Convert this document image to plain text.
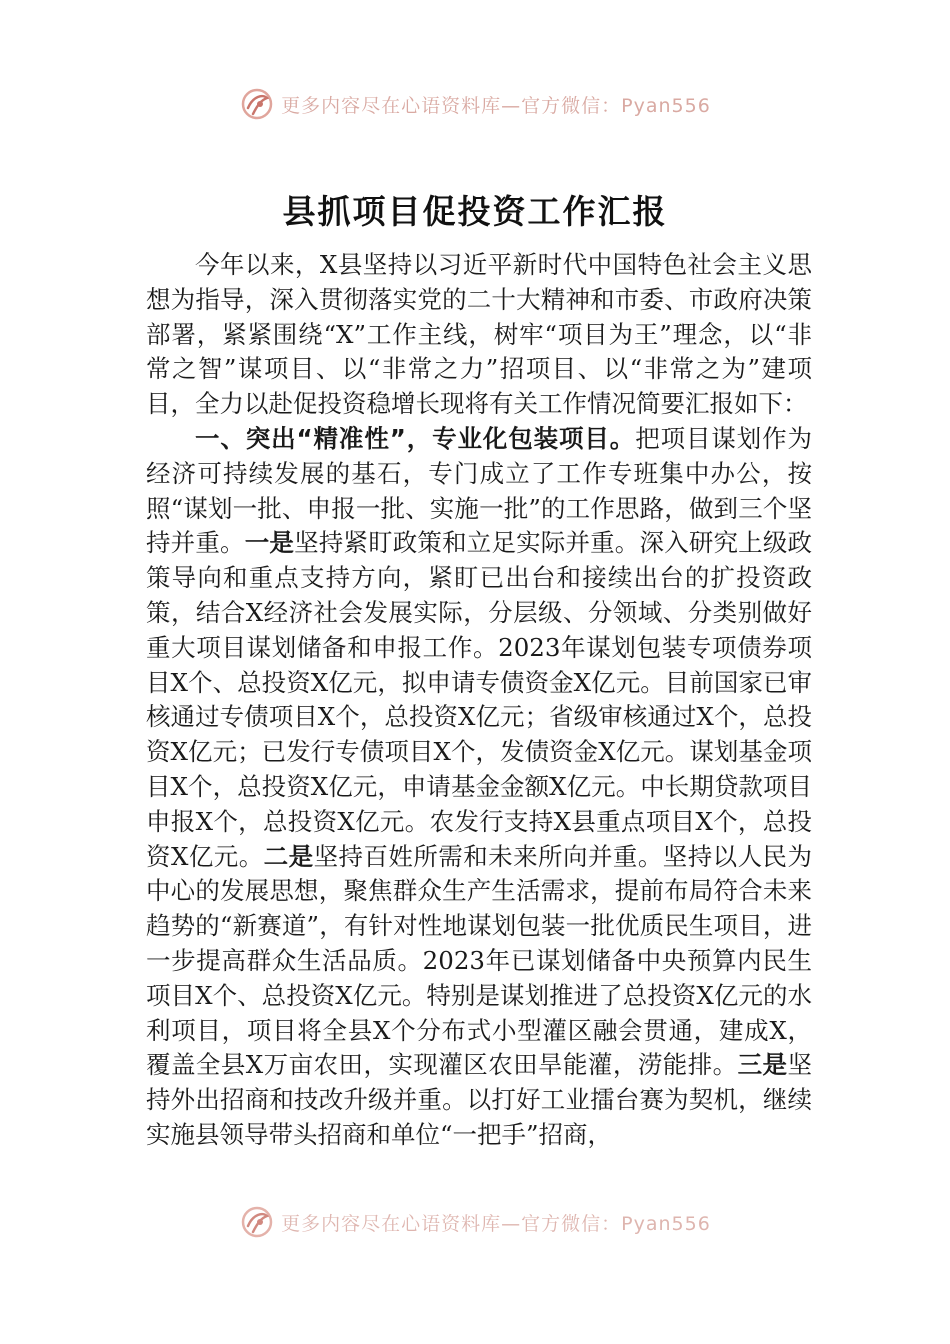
更多内容尽在心语资料库—官方微信：Pyan556
县抓项目促投资工作汇报

今年以来，X县坚持以习近平新时代中国特色社会主义思想为指导，深入贯彻落实党的二十大精神和市委、市政府决策部署，紧紧围绕“X”工作主线，树牢“项目为王”理念，以“非常之智”谋项目、以“非常之力”招项目、以“非常之为”建项目，全力以赴促投资稳增长现将有关工作情况简要汇报如下：

一、突出“精准性”，专业化包装项目。把项目谋划作为经济可持续发展的基石，专门成立了工作专班集中办公，按照“谋划一批、申报一批、实施一批”的工作思路，做到三个坚持并重。一是坚持紧盯政策和立足实际并重。深入研究上级政策导向和重点支持方向，紧盯已出台和接续出台的扩投资政策，结合X经济社会发展实际，分层级、分领域、分类别做好重大项目谋划储备和申报工作。2023年谋划包装专项债券项目X个、总投资X亿元，拟申请专债资金X亿元。目前国家已审核通过专债项目X个，总投资X亿元；省级审核通过X个，总投资X亿元；已发行专债项目X个，发债资金X亿元。谋划基金项目X个，总投资X亿元，申请基金金额X亿元。中长期贷款项目申报X个，总投资X亿元。农发行支持X县重点项目X个，总投资X亿元。二是坚持百姓所需和未来所向并重。坚持以人民为中心的发展思想，聚焦群众生产生活需求，提前布局符合未来趋势的“新赛道”，有针对性地谋划包装一批优质民生项目，进一步提高群众生活品质。2023年已谋划储备中央预算内民生项目X个、总投资X亿元。特别是谋划推进了总投资X亿元的水利项目，项目将全县X个分布式小型灌区融会贯通，建成X，覆盖全县X万亩农田，实现灌区农田旱能灌，涝能排。三是坚持外出招商和技改升级并重。以打好工业擂台赛为契机，继续实施县领导带头招商和单位“一把手”招商，

更多内容尽在心语资料库—官方微信：Pyan556
